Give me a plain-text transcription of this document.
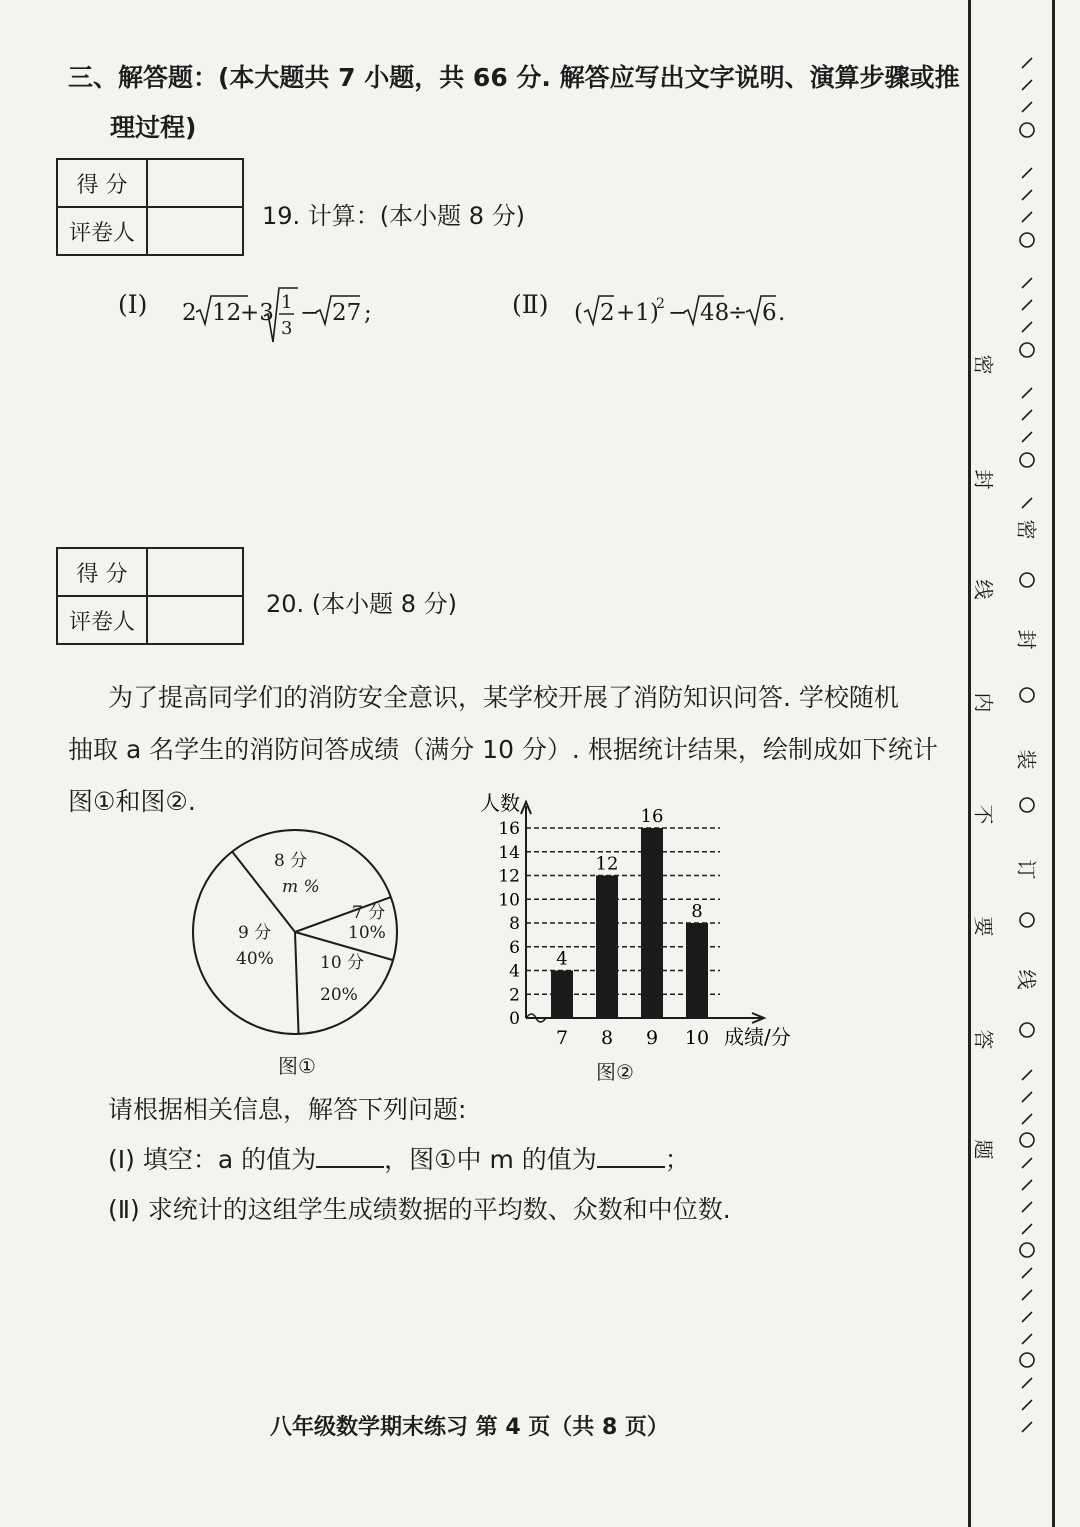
三、解答题：(本大题共 7 小题，共 66 分. 解答应写出文字说明、演算步骤或推
理过程)
得 分	
评卷人	
19. 计算：(本小题 8 分)
(Ⅰ) 2 12
+3 1
3
− 27 ;	(Ⅱ) ( 2 +1)
2 − 48
÷ 6 .
得 分	
评卷人	
20. (本小题 8 分)
为了提高同学们的消防安全意识，某学校开展了消防知识问答. 学校随机
抽取 a 名学生的消防问答成绩（满分 10 分）. 根据统计结果，绘制成如下统计
图①和图②.
8 分
m %
7 分
10%
10 分
20%
9 分
40%
图①
4
12
16
8
0
2
4
6
8
10
12
14
16
7 8 9 10
人数
成绩/分
图②
请根据相关信息，解答下列问题:
(Ⅰ) 填空：a 的值为	，图①中 m 的值为	；
(Ⅱ) 求统计的这组学生成绩数据的平均数、众数和中位数.
八年级数学期末练习 第 4 页（共 8 页）
密
封
线
内
不
要
答
题
密
封
装
订
线
